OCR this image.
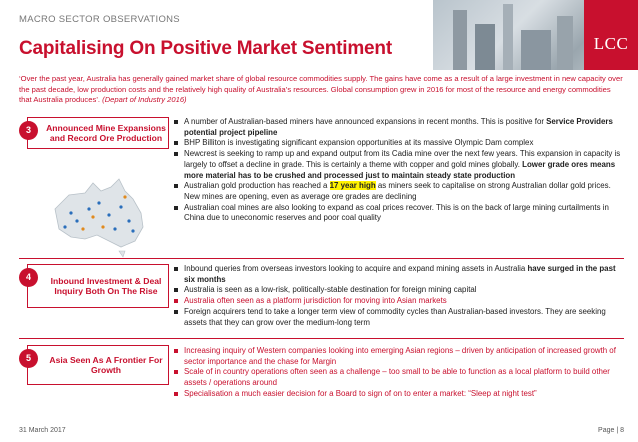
MACRO SECTOR OBSERVATIONS
Capitalising On Positive Market Sentiment	LCC
‘Over the past year, Australia has generally gained market share of global resource commodities supply. The gains have come as a result of a large investment in new capacity over the past decade, low production costs and the relatively high quality of Australia’s resources. Global consumption grew in 2016 for most of the resource and energy commodities that Australia produces’. (Depart of Industry 2016)
3	Announced Mine Expansions and Record Ore Production
A number of Australian-based miners have announced expansions in recent months. This is positive for Service Providers potential project pipeline
BHP Billiton is investigating significant expansion opportunities at its massive Olympic Dam complex
Newcrest is seeking to ramp up and expand output from its Cadia mine over the next few years. This expansion in capacity is largely to offset a decline in grade. This is certainly a theme with copper and gold mines globally. Lower grade ores means more material has to be crushed and processed just to maintain steady state production
Australian gold production has reached a 17 year high as miners seek to capitalise on strong Australian dollar gold prices. New mines are opening, even as average ore grades are declining
Australian coal mines are also looking to expand as coal prices recover. This is on the back of large mining curtailments in China due to uneconomic reserves and poor coal quality
4	Inbound Investment & Deal Inquiry Both On The Rise
Inbound queries from overseas investors looking to acquire and expand mining assets in Australia have surged in the past six months
Australia is seen as a low-risk, politically-stable destination for foreign mining capital
Australia often seen as a platform jurisdiction for moving into Asian markets
Foreign acquirers tend to take a longer term view of commodity cycles than Australian-based investors. They are seeking assets that they can grow over the medium-long term
5	Asia Seen As A Frontier For Growth
Increasing inquiry of Western companies looking into emerging Asian regions – driven by anticipation of increased growth of sector importance and the chase for Margin
Scale of in country operations often seen as a challenge – too small to be able to function as a local platform to build other assets / operations around
Specialisation a much easier decision for a Board to sign of on to enter a market: “Sleep at night test”
31 March 2017	Page | 8
